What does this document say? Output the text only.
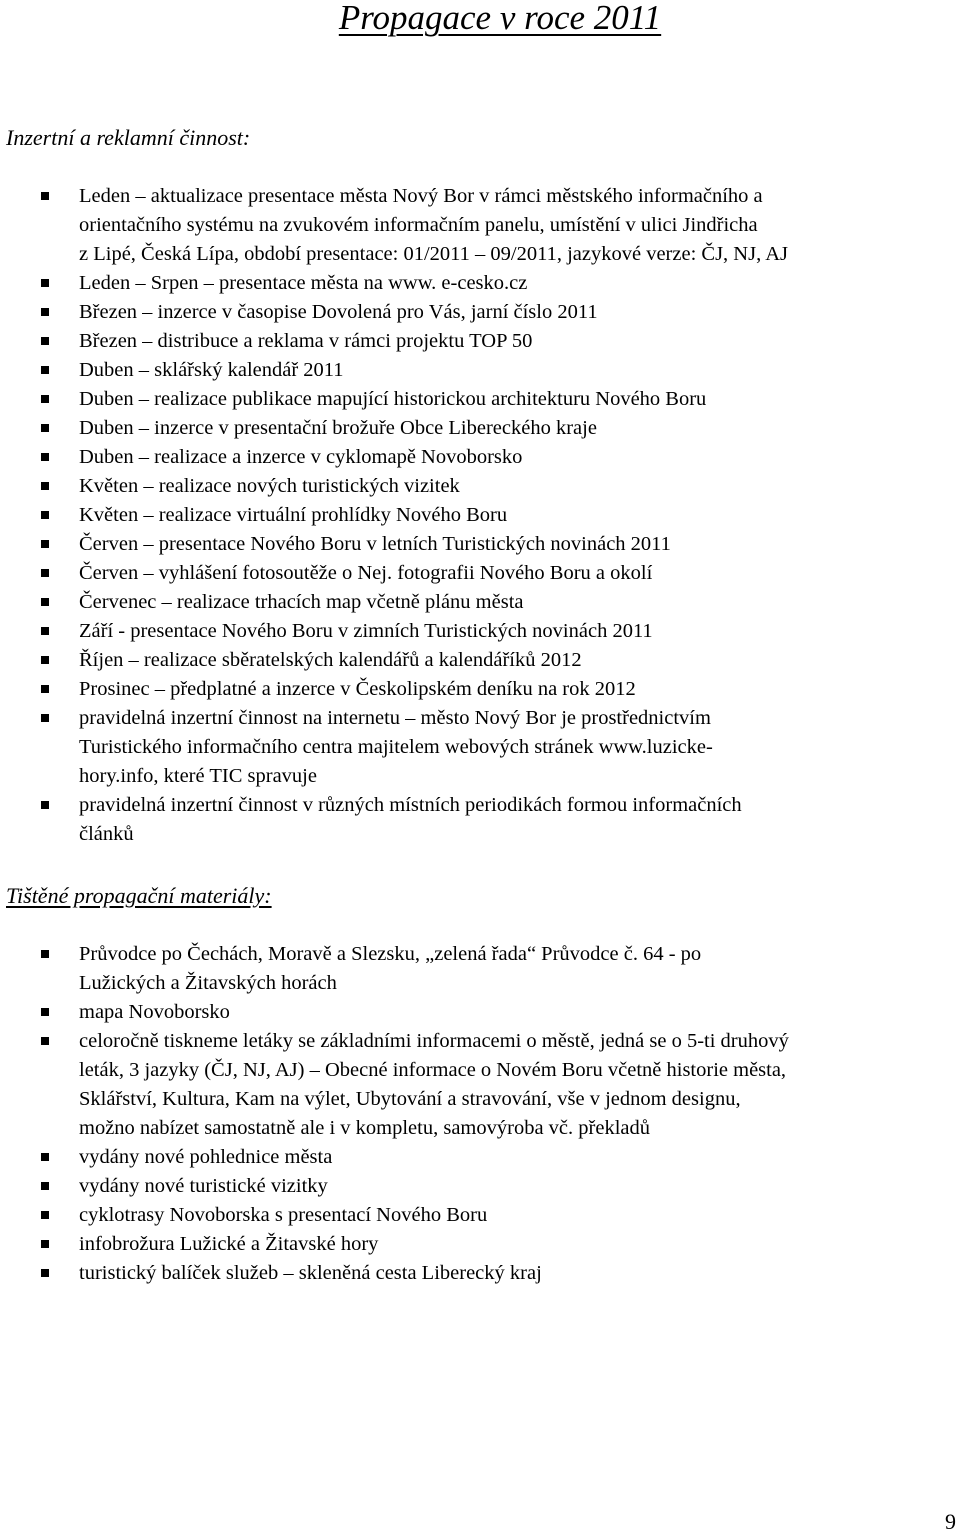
Propagace v roce 2011
Inzertní a reklamní činnost:
Leden – aktualizace presentace města Nový Bor v rámci městského informačního a
orientačního systému na zvukovém informačním panelu, umístění v ulici Jindřicha
z Lipé, Česká Lípa, období presentace: 01/2011 – 09/2011, jazykové verze: ČJ, NJ, AJ
Leden – Srpen – presentace města na www. e-cesko.cz
Březen – inzerce v časopise Dovolená pro Vás, jarní číslo 2011
Březen – distribuce a reklama v rámci projektu TOP 50
Duben – sklářský kalendář 2011
Duben – realizace publikace mapující historickou architekturu Nového Boru
Duben – inzerce v presentační brožuře Obce Libereckého kraje
Duben – realizace a inzerce v cyklomapě Novoborsko
Květen – realizace nových turistických vizitek
Květen – realizace virtuální prohlídky Nového Boru
Červen – presentace Nového Boru v letních Turistických novinách 2011
Červen – vyhlášení fotosoutěže o Nej. fotografii Nového Boru a okolí
Červenec – realizace trhacích map včetně plánu města
Září - presentace Nového Boru v zimních Turistických novinách 2011
Říjen – realizace sběratelských kalendářů a kalendáříků 2012
Prosinec – předplatné a inzerce v Českolipském deníku na rok 2012
pravidelná inzertní činnost na internetu – město Nový Bor je prostřednictvím
Turistického informačního centra majitelem webových stránek www.luzicke-
hory.info, které TIC spravuje
pravidelná inzertní činnost v různých místních periodikách formou informačních
článků
Tištěné propagační materiály:
Průvodce po Čechách, Moravě a Slezsku, „zelená řada“ Průvodce č. 64 - po
Lužických a Žitavských horách
mapa Novoborsko
celoročně tiskneme letáky se základními informacemi o městě, jedná se o 5-ti druhový
leták, 3 jazyky (ČJ, NJ, AJ) – Obecné informace o Novém Boru včetně historie města,
Sklářství, Kultura, Kam na výlet, Ubytování a stravování, vše v jednom designu,
možno nabízet samostatně ale i v kompletu, samovýroba vč. překladů
vydány nové pohlednice města
vydány nové turistické vizitky
cyklotrasy Novoborska s presentací Nového Boru
infobrožura Lužické a Žitavské hory
turistický balíček služeb – skleněná cesta Liberecký kraj
9
